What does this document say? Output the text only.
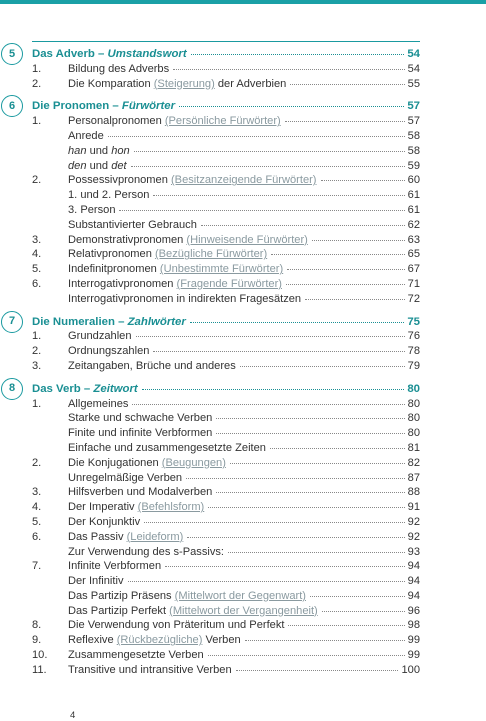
5	Das Adverb – Umstandswort	54
1.	Bildung des Adverbs	54
2.	Die Komparation (Steigerung) der Adverbien	55
6	Die Pronomen – Fürwörter	57
1.	Personalpronomen (Persönliche Fürwörter)	57
Anrede	58
han und hon	58
den und det	59
2.	Possessivpronomen (Besitzanzeigende Fürwörter)	60
1. und 2. Person	61
3. Person	61
Substantivierter Gebrauch	62
3.	Demonstrativpronomen (Hinweisende Fürwörter)	63
4.	Relativpronomen (Bezügliche Fürwörter)	65
5.	Indefinitpronomen (Unbestimmte Fürwörter)	67
6.	Interrogativpronomen (Fragende Fürwörter)	71
Interrogativpronomen in indirekten Fragesätzen	72
7	Die Numeralien – Zahlwörter	75
1.	Grundzahlen	76
2.	Ordnungszahlen	78
3.	Zeitangaben, Brüche und anderes	79
8	Das Verb – Zeitwort	80
1.	Allgemeines	80
Starke und schwache Verben	80
Finite und infinite Verbformen	80
Einfache und zusammengesetzte Zeiten	81
2.	Die Konjugationen (Beugungen)	82
Unregelmäßige Verben	87
3.	Hilfsverben und Modalverben	88
4.	Der Imperativ (Befehlsform)	91
5.	Der Konjunktiv	92
6.	Das Passiv (Leideform)	92
Zur Verwendung des s-Passivs:	93
7.	Infinite Verbformen	94
Der Infinitiv	94
Das Partizip Präsens (Mittelwort der Gegenwart)	94
Das Partizip Perfekt (Mittelwort der Vergangenheit)	96
8.	Die Verwendung von Präteritum und Perfekt	98
9.	Reflexive (Rückbezügliche) Verben	99
10. Zusammengesetzte Verben	99
11. Transitive und intransitive Verben	100
4
